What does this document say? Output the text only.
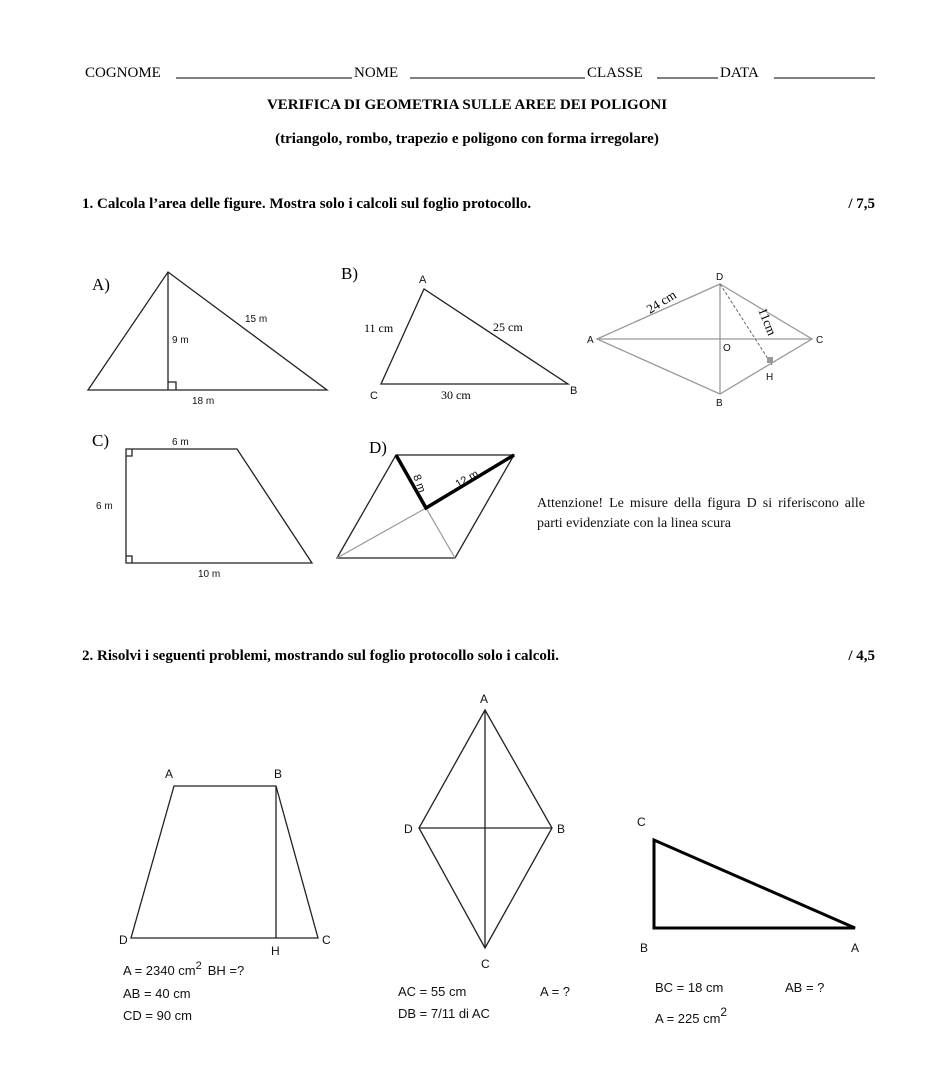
COGNOME	NOME	CLASSE	DATA
VERIFICA DI GEOMETRIA SULLE AREE DEI POLIGONI
(triangolo, rombo, trapezio e poligono con forma irregolare)
1. Calcola l’area delle figure. Mostra solo i calcoli sul foglio protocollo.	/ 7,5
A)
15 m
9 m
18 m
B)	A
C	B
11 cm	25 cm
30 cm
D
A	C
B
O
H
24 cm
11cm
C)	6 m
6 m
10 m
D)
8 m 12 m
2. Risolvi i seguenti problemi, mostrando sul foglio protocollo solo i calcoli.	/ 4,5
A	B
D	C
H
A = 2340 $cm^2$ BH =?
AB = 40 cm
CD = 90 cm
A
D	B
C
AC = 55 cm	A = ?
DB = 7/11 di AC
C
B	A
BC = 18 cm	AB = ?
A = 225 cm2
Attenzione! Le misure della figura D si riferiscono alle parti evidenziate con la linea scura
